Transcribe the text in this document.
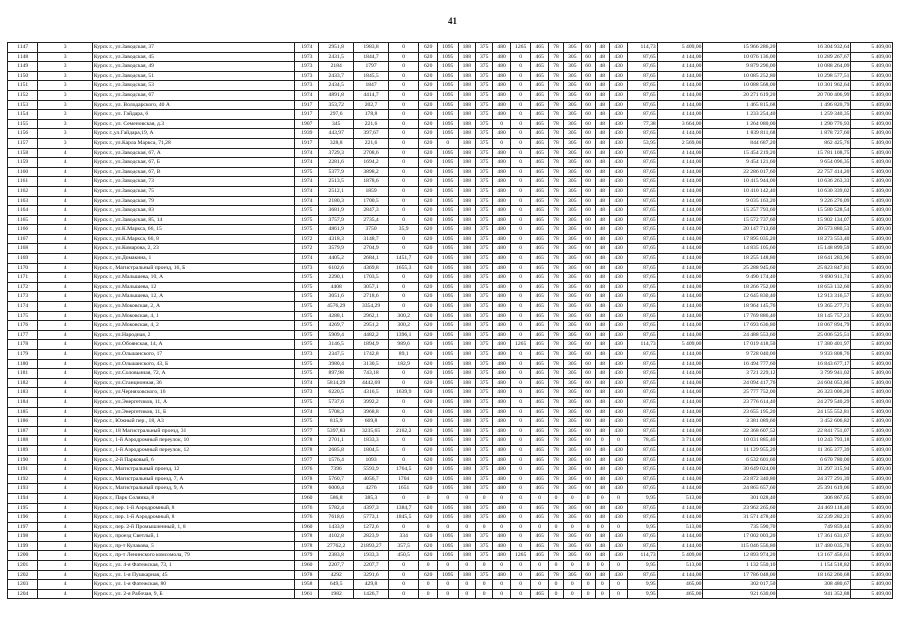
41
1147	3	Курск г., ул.Заводская, 37	1974	2951,8	1983,8	0	620	1095	188	375	480	1265	465	78	305	60	48	430	114,73	5 409,00	15 966 286,20	16 304 932,64	5 409,00
1148	3	Курск г., ул.Заводская, 45	1973	2431,5	1844,7	0	620	1095	188	375	480	0	465	78	305	60	48	430	87,65	4 144,00	10 076 136,00	10 289 267,67	5 409,00
1149	3	Курск г., ул.Заводская, 49	1973	2184	1797	0	620	1095	188	375	480	0	465	78	305	60	48	430	87,65	4 144,00	9 879 296,00	10 088 264,09	5 409,00
1150	3	Курск г., ул.Заводская, 51	1973	2433,7	1845,5	0	620	1095	188	375	480	0	465	78	305	60	48	430	87,65	4 144,00	10 085 252,80	10 298 577,51	5 409,00
1151	3	Курск г., ул.Заводская, 53	1973	2434,5	1847	0	620	1095	188	375	480	0	465	78	305	60	48	430	87,65	4 144,00	10 088 568,00	10 301 962,64	5 409,00
1152	3	Курск г., ул.Заводская, 67	1974	4891,8	4414,7	0	620	1095	188	375	480	0	465	78	305	60	48	430	87,65	4 144,00	20 271 619,20	20 700 406,99	5 409,00
1153	3	Курск г., ул. Володарского, 40 А	1917	353,72	202,7	0	620	1095	188	375	480	0	465	78	305	60	48	430	87,65	4 144,00	1 465 815,68	1 496 820,79	5 409,00
1154	3	Курск г., ул. Гайдара, 6	1917	297,6	178,8	0	620	1095	188	375	480	0	465	78	305	60	48	430	87,65	4 144,00	1 233 254,40	1 259 340,35	5 409,00
1155	3	Курск г., ул. Семеновская, д.3	1907	345	221,6	0	620	1095	188	375	0	0	465	78	305	60	48	430	77,38	3 664,00	1 264 080,00	1 290 776,93	5 409,00
1156	3	Курск г.,ул.Гайдара,19, А	1939	443,97	397,67	0	620	1095	188	375	480	0	465	78	305	60	48	430	87,65	4 144,00	1 839 811,68	1 878 727,60	5 409,00
1157	3	Курск г., ул.Карла Маркса, 71,28	1917	328,8	221,6	0	620	0	188	375	0	0	465	78	305	60	48	430	53,95	2 569,00	844 687,20	862 425,76	5 409,00
1158	4	Курск г., ул.Заводская, 67, А	1974	3729,3	2708,6	0	620	1095	188	375	480	0	465	78	305	60	48	430	87,65	4 144,00	15 454 219,20	15 781 108,75	5 409,00
1159	4	Курск г., ул.Заводская, 67, Б	1974	2281,6	1694,2	0	620	1095	188	375	480	0	465	78	305	60	48	430	87,65	4 144,00	9 454 121,60	9 654 096,35	5 409,00
1160	4	Курск г., ул.Заводская, 67, В	1975	5377,9	3898,2	0	620	1095	188	375	480	0	465	78	305	60	48	430	87,65	4 144,00	22 286 017,60	22 757 414,20	5 409,00
1161	4	Курск г., ул.Заводская, 73	1974	2513,5	1878,6	0	620	1095	188	375	480	0	465	78	305	60	48	430	87,65	4 144,00	10 415 944,00	10 636 263,33	5 409,00
1162	4	Курск г., ул.Заводская, 75	1974	2512,1	1859	0	620	1095	188	375	480	0	465	78	305	60	48	430	87,65	4 144,00	10 410 142,40	10 630 339,02	5 409,00
1163	4	Курск г., ул.Заводская, 79	1974	2180,3	1700,5	0	620	1095	188	375	480	0	465	78	305	60	48	430	87,65	4 144,00	9 035 163,20	9 226 276,09	5 409,00
1164	4	Курск г., ул.Заводская, 83	1975	3681,9	2847,3	0	620	1095	188	375	480	0	465	78	305	60	48	430	87,65	4 144,00	15 257 793,60	15 580 528,54	5 409,00
1165	4	Курск г., ул.Заводская, 85, 14	1975	3757,9	2735,4	0	620	1095	188	375	480	0	465	78	305	60	48	430	87,65	4 144,00	15 572 737,60	15 902 134,07	5 409,00
1166	4	Курск г., ул.К.Маркса, 66, 15	1975	4861,9	3750	35,9	620	1095	188	375	480	0	465	78	305	60	48	430	87,65	4 144,00	20 147 713,60	20 573 880,53	5 409,00
1167	4	Курск г., ул.К.Маркса, 66, 8	1972	4318,3	3148,7	0	620	1095	188	375	480	0	465	78	305	60	48	430	87,65	4 144,00	17 895 035,20	18 273 553,40	5 409,00
1168	4	Курск г., ул.Комарова, 2, 23	1972	3579,9	2704,9	0	620	1095	188	375	480	0	465	78	305	60	48	430	87,65	4 144,00	14 835 105,60	15 148 899,59	5 409,00
1169	4	Курск г., ул.Домакина, 1	1974	4405,2	2684,1	1451,7	620	1095	188	375	480	0	465	78	305	60	48	430	87,65	4 144,00	18 255 148,80	18 641 283,96	5 409,00
1170	4	Курск г., Магистральный проезд, 16, Б	1973	6102,6	4369,8	1655,3	620	1095	188	375	480	0	465	78	305	60	48	430	87,65	4 144,00	25 288 945,60	25 823 847,81	5 409,00
1171	4	Курск г., ул.Малышева, 10, А	1975	2290,1	1703,5	0	620	1095	188	375	480	0	465	78	305	60	48	430	87,65	4 144,00	9 490 174,40	9 690 911,74	5 409,00
1172	4	Курск г., ул.Малышева, 12	1975	4408	3057,1	0	620	1095	188	375	480	0	465	78	305	60	48	430	87,65	4 144,00	18 266 752,00	18 653 132,60	5 409,00
1173	4	Курск г., ул.Малышева, 12, А	1975	3051,6	2718,6	0	620	1095	188	375	480	0	465	78	305	60	48	430	87,65	4 144,00	12 645 830,40	12 913 316,57	5 409,00
1174	4	Курск г., ул.Моковская, 2, А	1975	4576,29	3354,29	0	620	1095	188	375	480	0	465	78	305	60	48	430	87,65	4 144,00	18 964 145,76	19 365 277,71	5 409,00
1175	4	Курск г., ул.Моковская, 4, 1	1975	4288,1	2962,1	300,2	620	1095	188	375	480	0	465	78	305	60	48	430	87,65	4 144,00	17 769 886,40	18 145 757,23	5 409,00
1176	4	Курск г., ул.Моковская, 4, 2	1975	4269,7	2951,2	300,2	620	1095	188	375	480	0	465	78	305	60	48	430	87,65	4 144,00	17 693 636,80	18 067 894,79	5 409,00
1177	4	Курск г., ул.Народная, 2	1975	5909,4	4482,2	1396,1	620	1095	188	375	480	0	465	78	305	60	48	430	87,65	4 144,00	24 488 553,60	25 006 525,51	5 409,00
1178	4	Курск г., ул.Обоянская, 14, А	1975	3146,5	1894,9	989,6	620	1095	188	375	480	1265	465	78	305	60	48	430	114,73	5 409,00	17 019 418,50	17 380 401,97	5 409,00
1179	4	Курск г., ул.Ольшанского, 17	1973	2347,5	1742,8	89,1	620	1095	188	375	480	0	465	78	305	60	48	430	87,65	4 144,00	9 728 040,00	9 933 808,76	5 409,00
1180	4	Курск г., ул.Ольшанского, 43, Б	1975	3980,4	3130,5	182,9	620	1095	188	375	480	0	465	78	305	60	48	430	87,65	4 144,00	16 494 777,60	16 843 677,17	5 409,00
1181	4	Курск г., ул.Соловьиная, 72, А	1975	897,98	743,18	0	620	1095	188	375	480	0	465	78	305	60	48	430	87,65	4 144,00	3 721 229,12	3 799 941,02	5 409,00
1182	4	Курск г., ул.Станционная, 36	1974	5814,29	4442,69	0	620	1095	188	375	480	0	465	78	305	60	48	430	87,65	4 144,00	24 094 417,76	24 604 053,86	5 409,00
1183	4	Курск г., ул.Черняховского, 16	1973	6220,5	4316,5	1639,9	620	1095	188	375	480	0	465	78	305	60	48	430	87,65	4 144,00	25 777 752,00	26 323 006,20	5 409,00
1184	4	Курск г., ул.Энергетиков, 11, А	1975	5737,6	3992,2	0	620	1095	188	375	480	0	465	78	305	60	48	430	87,65	4 144,00	23 776 614,40	24 279 540,29	5 409,00
1185	4	Курск г., ул.Энергетиков, 11, Б	1974	5708,3	3968,8	0	620	1095	188	375	480	0	465	78	305	60	48	430	87,65	4 144,00	23 655 195,20	24 155 552,81	5 409,00
1186	4	Курск г., Южный пер., 18, А3	1975	815,9	669,8	0	620	1095	188	375	480	0	465	78	305	60	48	430	87,65	4 144,00	3 381 089,60	3 452 606,82	5 409,00
1187	4	Курск г., 18 Магистральный проезд, 31	1977	5397,83	3235,65	2162,2	620	1095	188	375	480	0	465	78	305	60	48	430	87,65	4 144,00	22 368 607,52	22 841 751,07	5 409,00
1188	4	Курск г., 1-й Аэродромный переулок, 10	1978	2701,1	1833,3	0	620	1095	188	375	480	0	465	78	305	60	0	0	78,45	3 714,00	10 031 885,40	10 243 793,18	5 409,00
1189	4	Курск г., 1-й Аэродромный переулок, 12	1978	2685,8	1804,5	0	620	1095	188	375	480	0	465	78	305	60	48	430	87,65	4 144,00	11 129 955,20	11 365 377,39	5 409,00
1190	4	Курск г., 2-й Парковый, 6	1977	1576,4	1093	0	620	1095	188	375	480	0	465	78	305	60	48	430	87,65	4 144,00	6 532 601,60	6 670 780,00	5 409,00
1191	4	Курск г., Магистральный проезд, 12	1976	7396	5593,9	1764,5	620	1095	188	375	480	0	465	78	305	60	48	430	87,65	4 144,00	30 649 024,00	31 297 315,94	5 409,00
1192	4	Курск г., Магистральный проезд, 7, А	1978	5760,7	4056,7	1704	620	1095	188	375	480	0	465	78	305	60	48	430	87,65	4 144,00	23 872 340,80	24 377 291,39	5 409,00
1193	4	Курск г., Магистральный проезд, 9, А	1978	6000,4	4276	1651	620	1095	188	375	480	0	465	78	305	60	48	430	87,65	4 144,00	24 865 657,60	25 391 619,06	5 409,00
1194	4	Курск г., Парк Солянка, 8	1960	586,8	385,3	0	0	0	0	0	0	0	0	0	0	0	0	0	9,95	513,00	301 028,40	306 867,65	5 409,00
1195	4	Курск г., пер. 1-й Аэродромный, 8	1976	5782,4	4397,3	1384,7	620	1095	188	375	480	0	465	78	305	60	48	430	87,65	4 144,00	23 962 265,60	24 469 118,40	5 409,00
1196	4	Курск г., пер. 1-й Аэродромный, 8	1976	7618,6	5773,1	1845,5	620	1095	188	375	480	0	465	78	305	60	48	430	87,65	4 144,00	31 571 478,40	32 239 282,21	5 409,00
1197	4	Курск г., пер. 2-й Промышленный, 1, 8	1960	1433,9	1272,6	0	0	0	0	0	0	0	0	0	0	0	0	0	9,95	513,00	735 590,70	749 859,44	5 409,00
1198	4	Курск г., проезд Светлый, 1	1978	4102,8	2823,9	334	620	1095	188	375	480	0	465	78	305	60	48	430	87,65	4 144,00	17 002 003,20	17 361 631,67	5 409,00
1199	4	Курск г., пр-т Кулакова, 5	1978	27762,2	21893,27	357,5	620	1095	188	375	480	0	465	78	305	60	48	430	87,65	4 144,00	115 046 556,80	117 480 035,78	5 409,00
1200	4	Курск г., пр-т Ленинского комсомола, 79	1979	2383,8	1933,3	450,5	620	1095	188	375	480	1265	465	78	305	60	48	430	114,73	5 409,00	12 893 974,20	13 167 456,61	5 409,00
1201	4	Курск г., ул. 4-я Фатежская, 73, 1	1960	2207,7	2207,7	0	0	0	0	0	0	0	0	0	0	0	0	0	9,95	513,00	1 132 550,10	1 154 518,82	5 409,00
1202	4	Курск г., ул. 1-я Пушкарная, 45	1978	4292	3291,6	0	620	1095	188	375	480	0	465	78	305	60	48	430	87,65	4 144,00	17 786 048,00	18 162 260,68	5 409,00
1203	4	Курск г., ул. 1-я Фатежская, 80	1958	649,5	429,8	0	0	0	0	0	0	0	0	0	0	0	0	0	9,95	465,00	302 017,50	308 480,67	5 409,00
1204	4	Курск г., ул. 2-я Рабочая, 9, Б	1961	1982	1426,7	0	0	0	0	0	0	0	465	0	0	0	0	0	9,95	465,00	921 630,00	941 352,88	5 409,00
